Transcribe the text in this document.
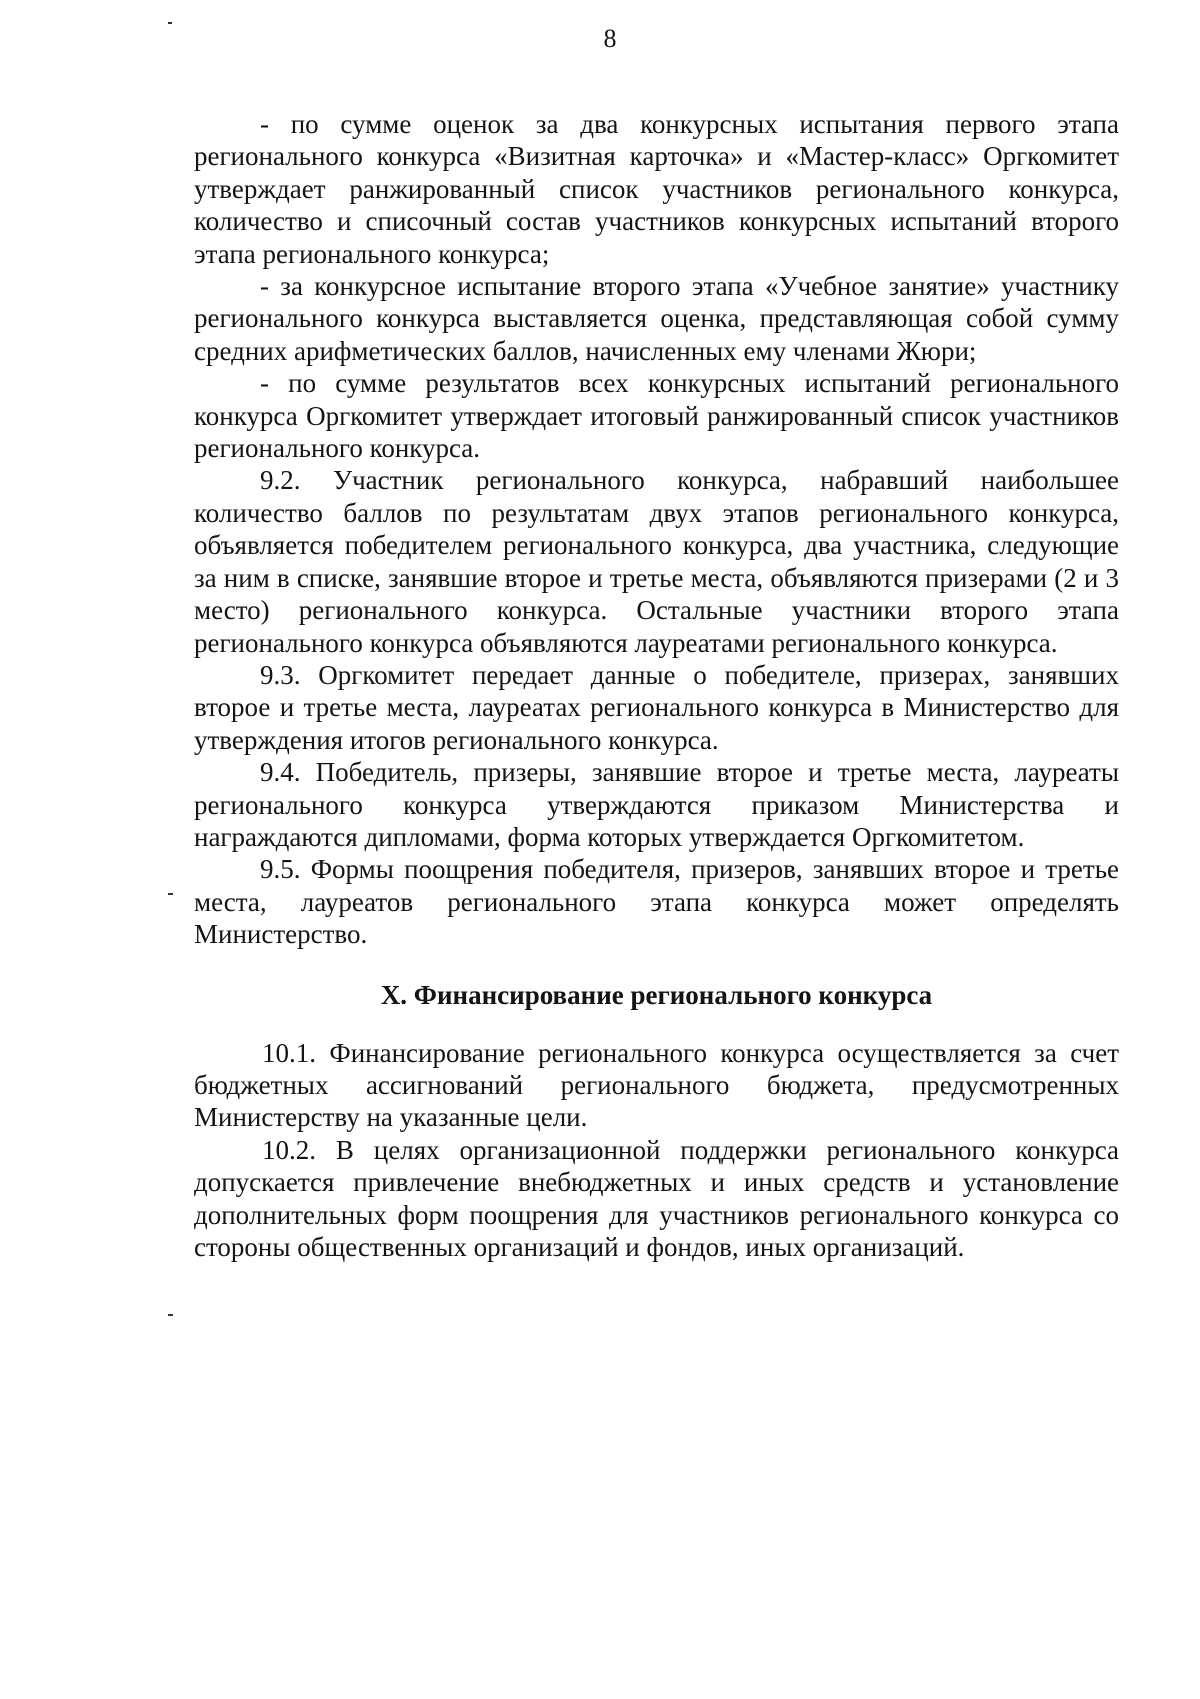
8

- по сумме оценок за два конкурсных испытания первого этапа регионального конкурса «Визитная карточка» и «Мастер-класс» Оргкомитет утверждает ранжированный список участников регионального конкурса, количество и списочный состав участников конкурсных испытаний второго этапа регионального конкурса;

- за конкурсное испытание второго этапа «Учебное занятие» участнику регионального конкурса выставляется оценка, представляющая собой сумму средних арифметических баллов, начисленных ему членами Жюри;

- по сумме результатов всех конкурсных испытаний регионального конкурса Оргкомитет утверждает итоговый ранжированный список участников регионального конкурса.

9.2. Участник регионального конкурса, набравший наибольшее количество баллов по результатам двух этапов регионального конкурса, объявляется победителем регионального конкурса, два участника, следующие за ним в списке, занявшие второе и третье места, объявляются призерами (2 и 3 место) регионального конкурса. Остальные участники второго этапа регионального конкурса объявляются лауреатами регионального конкурса.

9.3. Оргкомитет передает данные о победителе, призерах, занявших второе и третье места, лауреатах регионального конкурса в Министерство для утверждения итогов регионального конкурса.

9.4. Победитель, призеры, занявшие второе и третье места, лауреаты регионального конкурса утверждаются приказом Министерства и награждаются дипломами, форма которых утверждается Оргкомитетом.

9.5. Формы поощрения победителя, призеров, занявших второе и третье места, лауреатов регионального этапа конкурса может определять Министерство.

X. Финансирование регионального конкурса

10.1. Финансирование регионального конкурса осуществляется за счет бюджетных ассигнований регионального бюджета, предусмотренных Министерству на указанные цели.

10.2. В целях организационной поддержки регионального конкурса допускается привлечение внебюджетных и иных средств и установление дополнительных форм поощрения для участников регионального конкурса со стороны общественных организаций и фондов, иных организаций.
